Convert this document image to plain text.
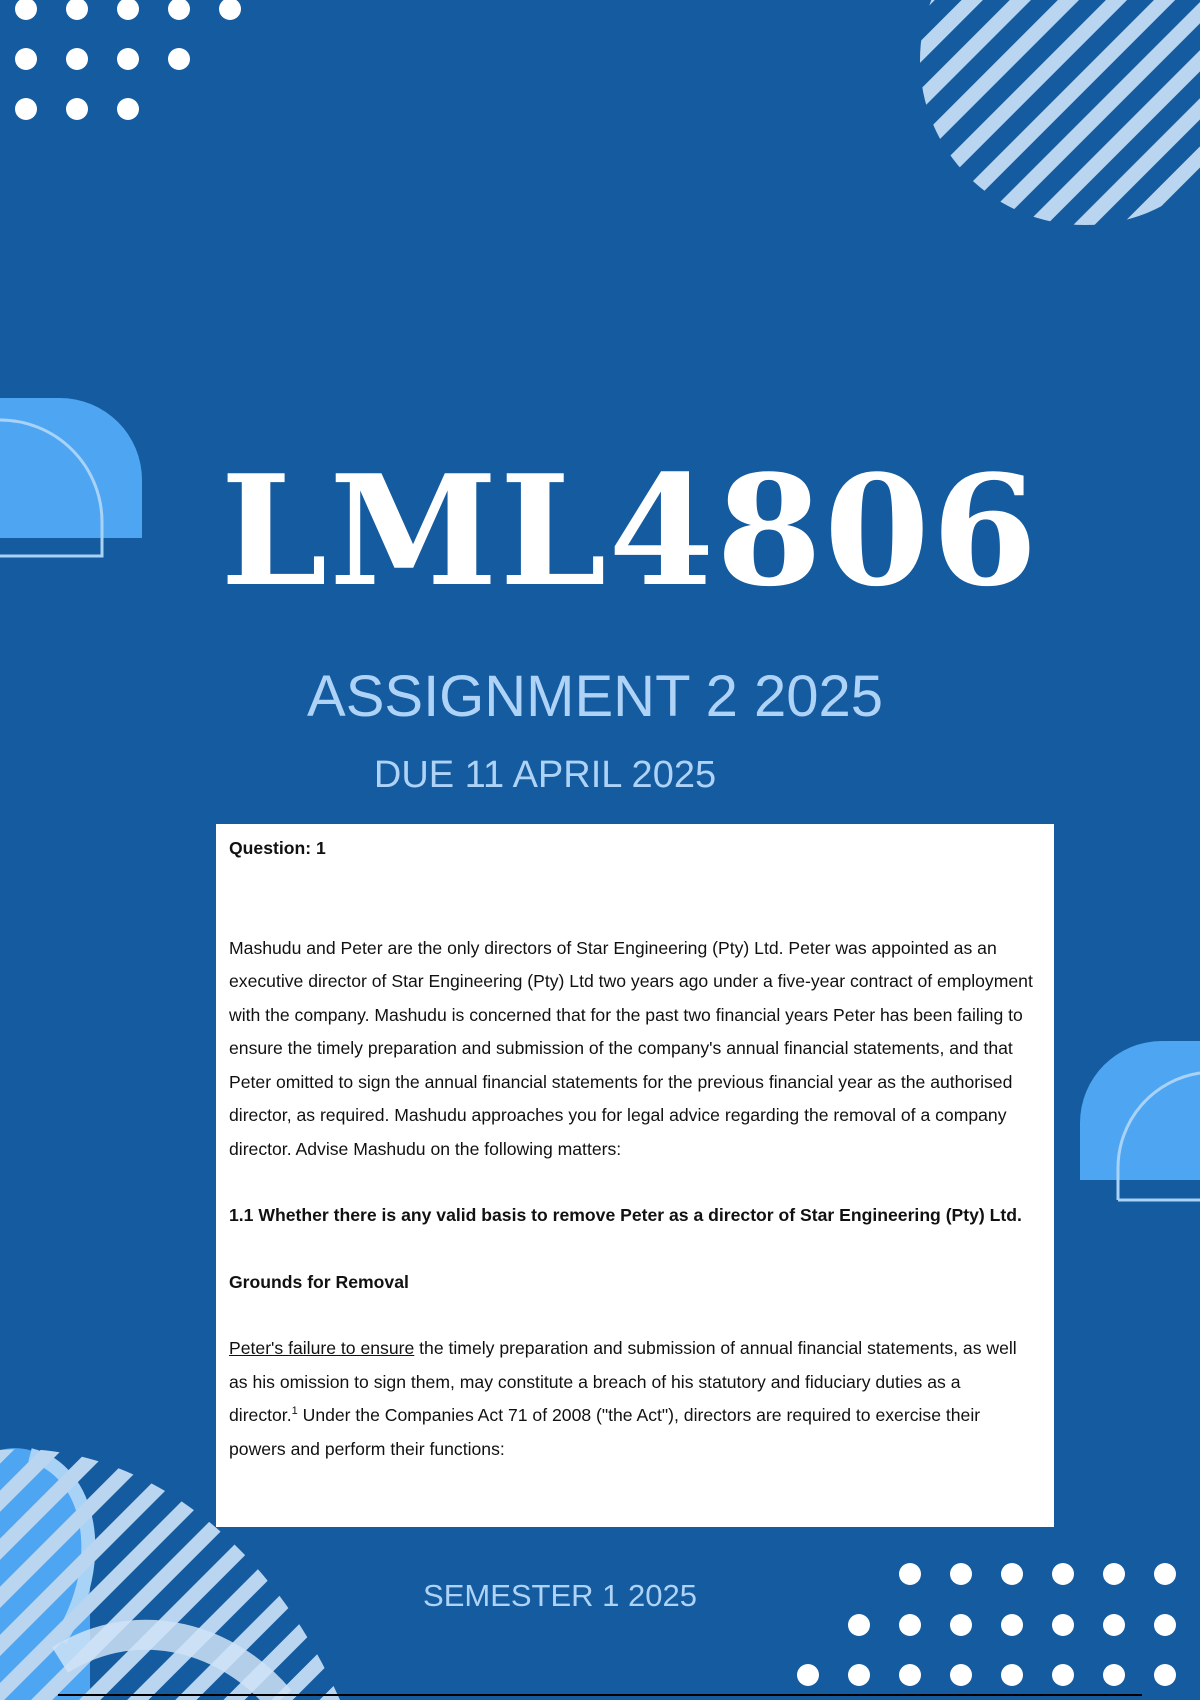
LML4806
ASSIGNMENT 2 2025
DUE 11 APRIL 2025

Question: 1

Mashudu and Peter are the only directors of Star Engineering (Pty) Ltd. Peter was appointed as an executive director of Star Engineering (Pty) Ltd two years ago under a five-year contract of employment with the company. Mashudu is concerned that for the past two financial years Peter has been failing to ensure the timely preparation and submission of the company's annual financial statements, and that Peter omitted to sign the annual financial statements for the previous financial year as the authorised director, as required. Mashudu approaches you for legal advice regarding the removal of a company director. Advise Mashudu on the following matters:

1.1 Whether there is any valid basis to remove Peter as a director of Star Engineering (Pty) Ltd.

Grounds for Removal

Peter's failure to ensure the timely preparation and submission of annual financial statements, as well as his omission to sign them, may constitute a breach of his statutory and fiduciary duties as a director.$^1$ Under the Companies Act 71 of 2008 ("the Act"), directors are required to exercise their powers and perform their functions:

SEMESTER 1 2025
